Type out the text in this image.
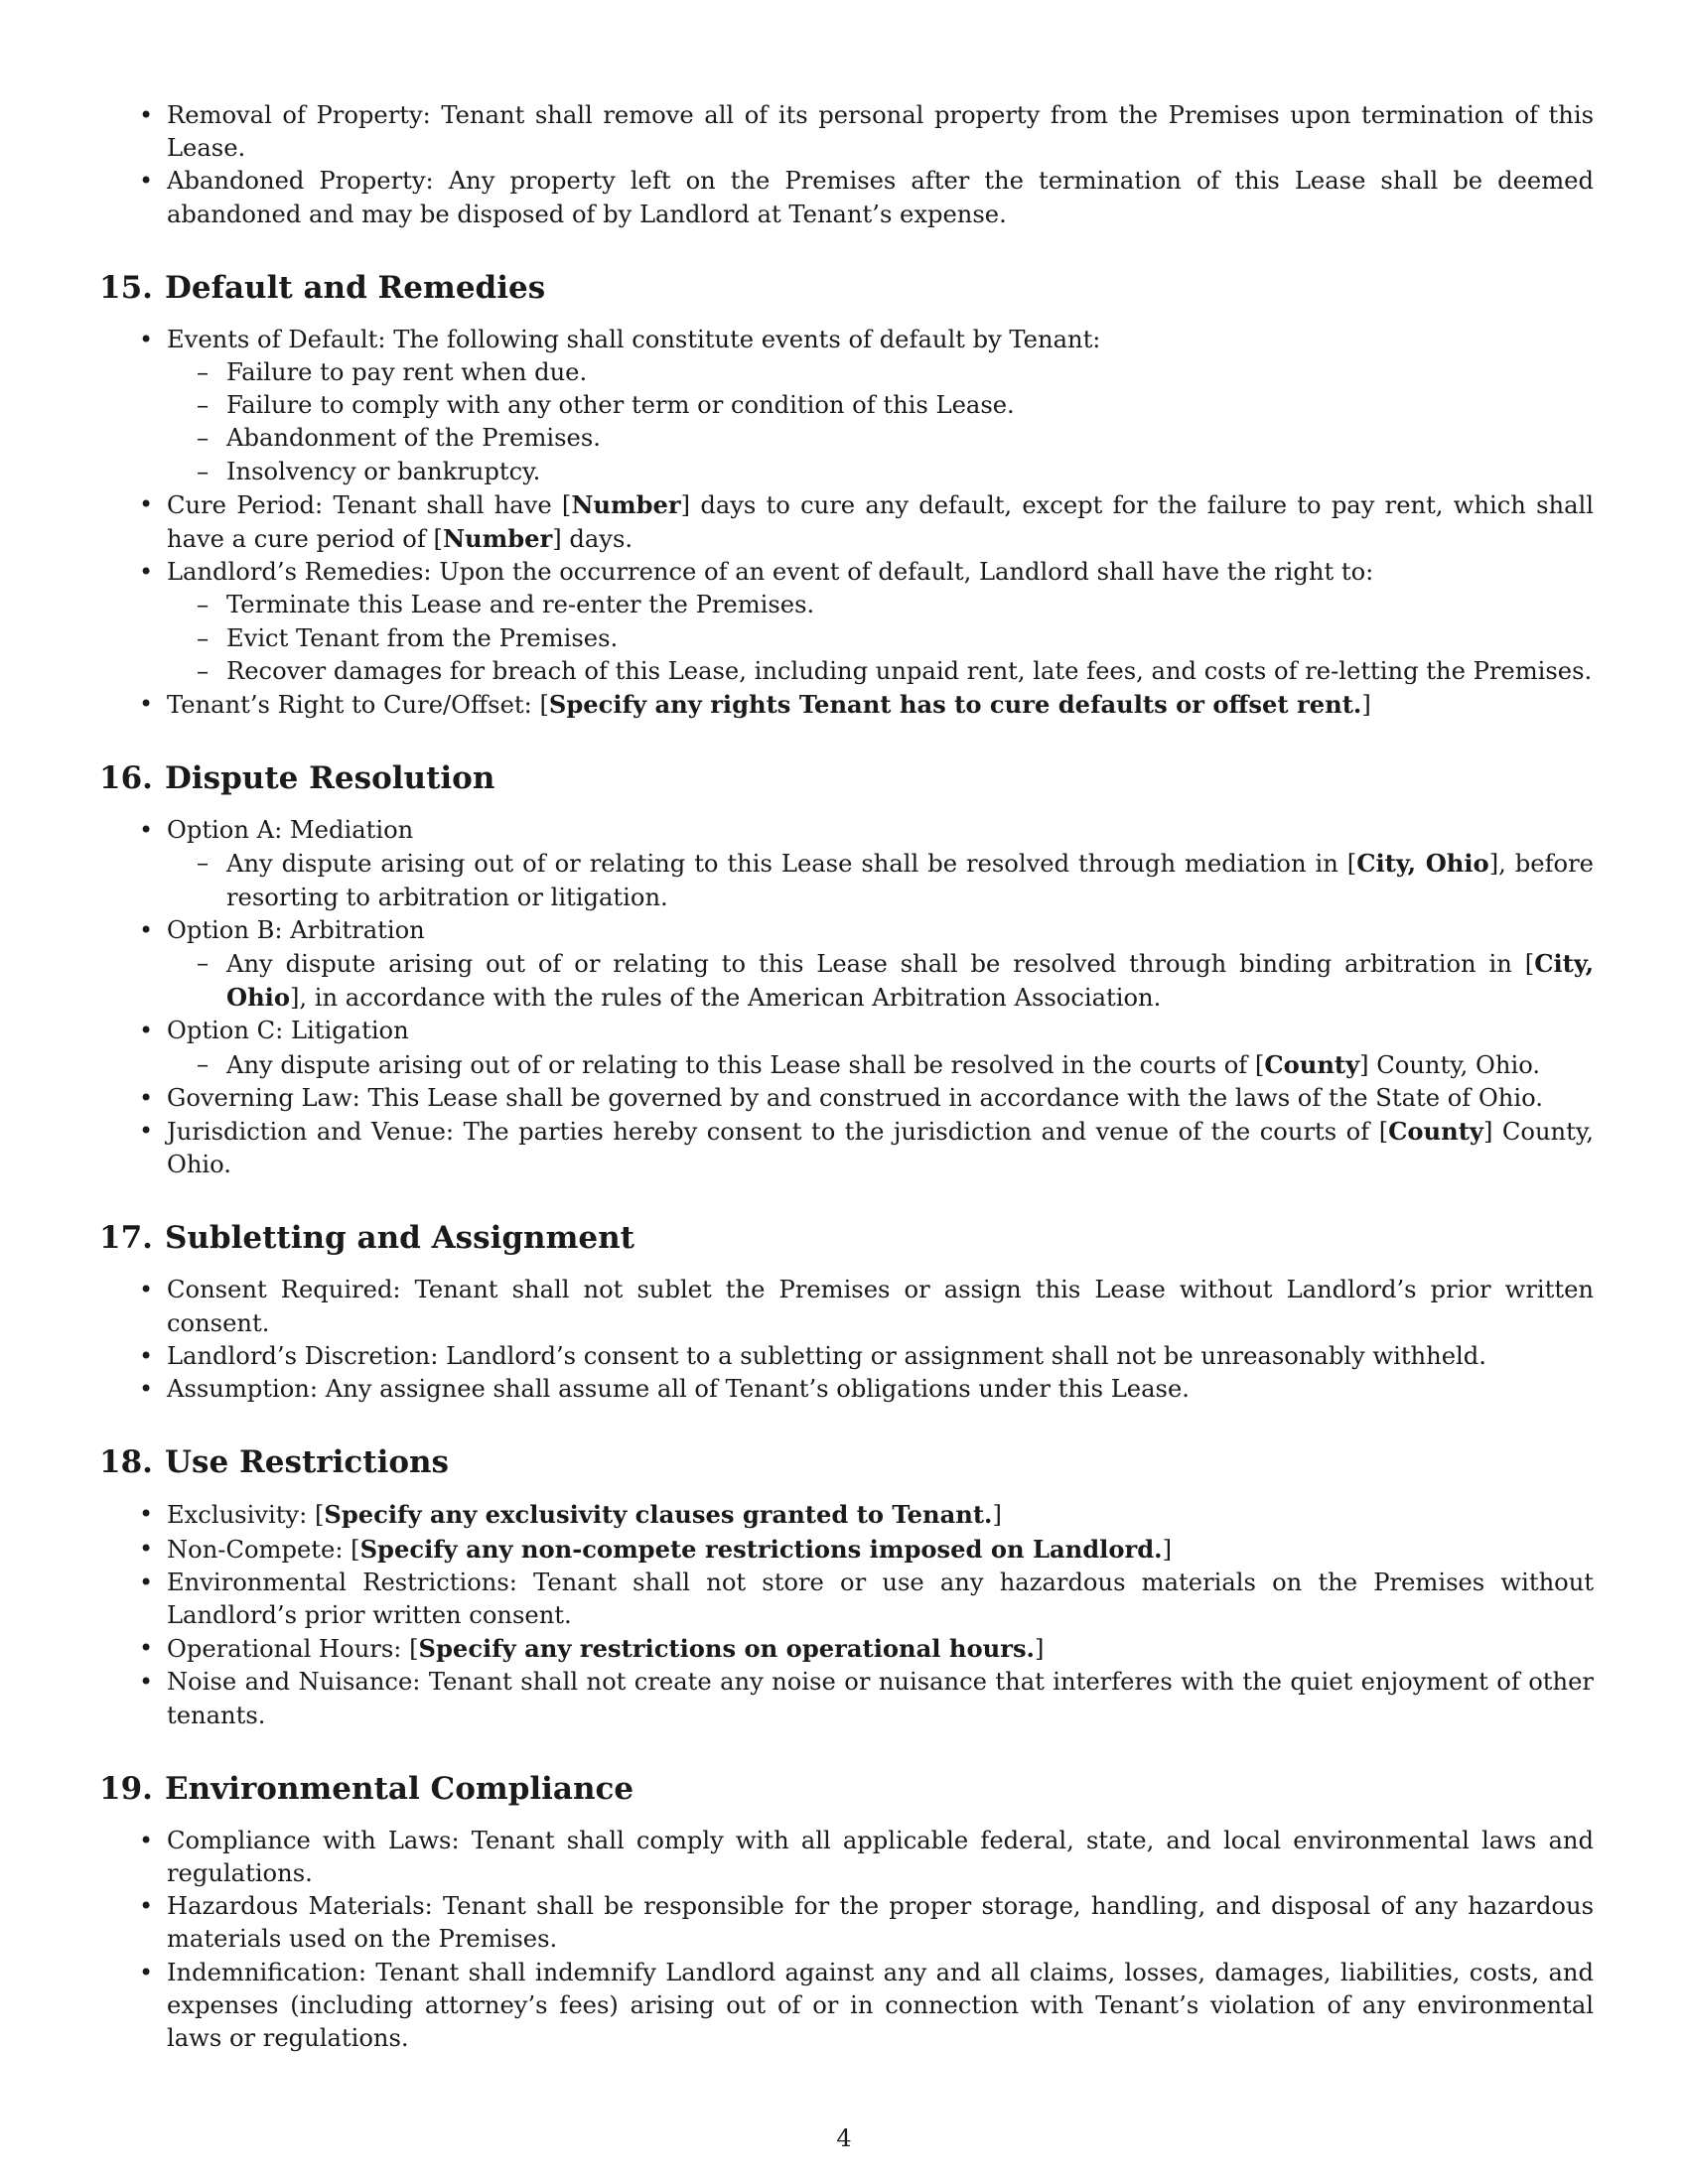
• Removal of Property: Tenant shall remove all of its personal property from the Premises upon termination of this Lease.
• Abandoned Property: Any property left on the Premises after the termination of this Lease shall be deemed abandoned and may be disposed of by Landlord at Tenant’s expense.
15. Default and Remedies
• Events of Default: The following shall constitute events of default by Tenant:
– Failure to pay rent when due.
– Failure to comply with any other term or condition of this Lease.
– Abandonment of the Premises.
– Insolvency or bankruptcy.
• Cure Period: Tenant shall have [Number] days to cure any default, except for the failure to pay rent, which shall have a cure period of [Number] days.
• Landlord’s Remedies: Upon the occurrence of an event of default, Landlord shall have the right to:
– Terminate this Lease and re-enter the Premises.
– Evict Tenant from the Premises.
– Recover damages for breach of this Lease, including unpaid rent, late fees, and costs of re-letting the Premises.
• Tenant’s Right to Cure/Offset: [Specify any rights Tenant has to cure defaults or offset rent.]
16. Dispute Resolution
• Option A: Mediation
– Any dispute arising out of or relating to this Lease shall be resolved through mediation in [City, Ohio], before resorting to arbitration or litigation.
• Option B: Arbitration
– Any dispute arising out of or relating to this Lease shall be resolved through binding arbitration in [City, Ohio], in accordance with the rules of the American Arbitration Association.
• Option C: Litigation
– Any dispute arising out of or relating to this Lease shall be resolved in the courts of [County] County, Ohio.
• Governing Law: This Lease shall be governed by and construed in accordance with the laws of the State of Ohio.
• Jurisdiction and Venue: The parties hereby consent to the jurisdiction and venue of the courts of [County] County, Ohio.
17. Subletting and Assignment
• Consent Required: Tenant shall not sublet the Premises or assign this Lease without Landlord’s prior written consent.
• Landlord’s Discretion: Landlord’s consent to a subletting or assignment shall not be unreasonably withheld.
• Assumption: Any assignee shall assume all of Tenant’s obligations under this Lease.
18. Use Restrictions
• Exclusivity: [Specify any exclusivity clauses granted to Tenant.]
• Non-Compete: [Specify any non-compete restrictions imposed on Landlord.]
• Environmental Restrictions: Tenant shall not store or use any hazardous materials on the Premises without Landlord’s prior written consent.
• Operational Hours: [Specify any restrictions on operational hours.]
• Noise and Nuisance: Tenant shall not create any noise or nuisance that interferes with the quiet enjoyment of other tenants.
19. Environmental Compliance
• Compliance with Laws: Tenant shall comply with all applicable federal, state, and local environmental laws and regulations.
• Hazardous Materials: Tenant shall be responsible for the proper storage, handling, and disposal of any hazardous materials used on the Premises.
• Indemnification: Tenant shall indemnify Landlord against any and all claims, losses, damages, liabilities, costs, and expenses (including attorney’s fees) arising out of or in connection with Tenant’s violation of any environmental laws or regulations.
4
